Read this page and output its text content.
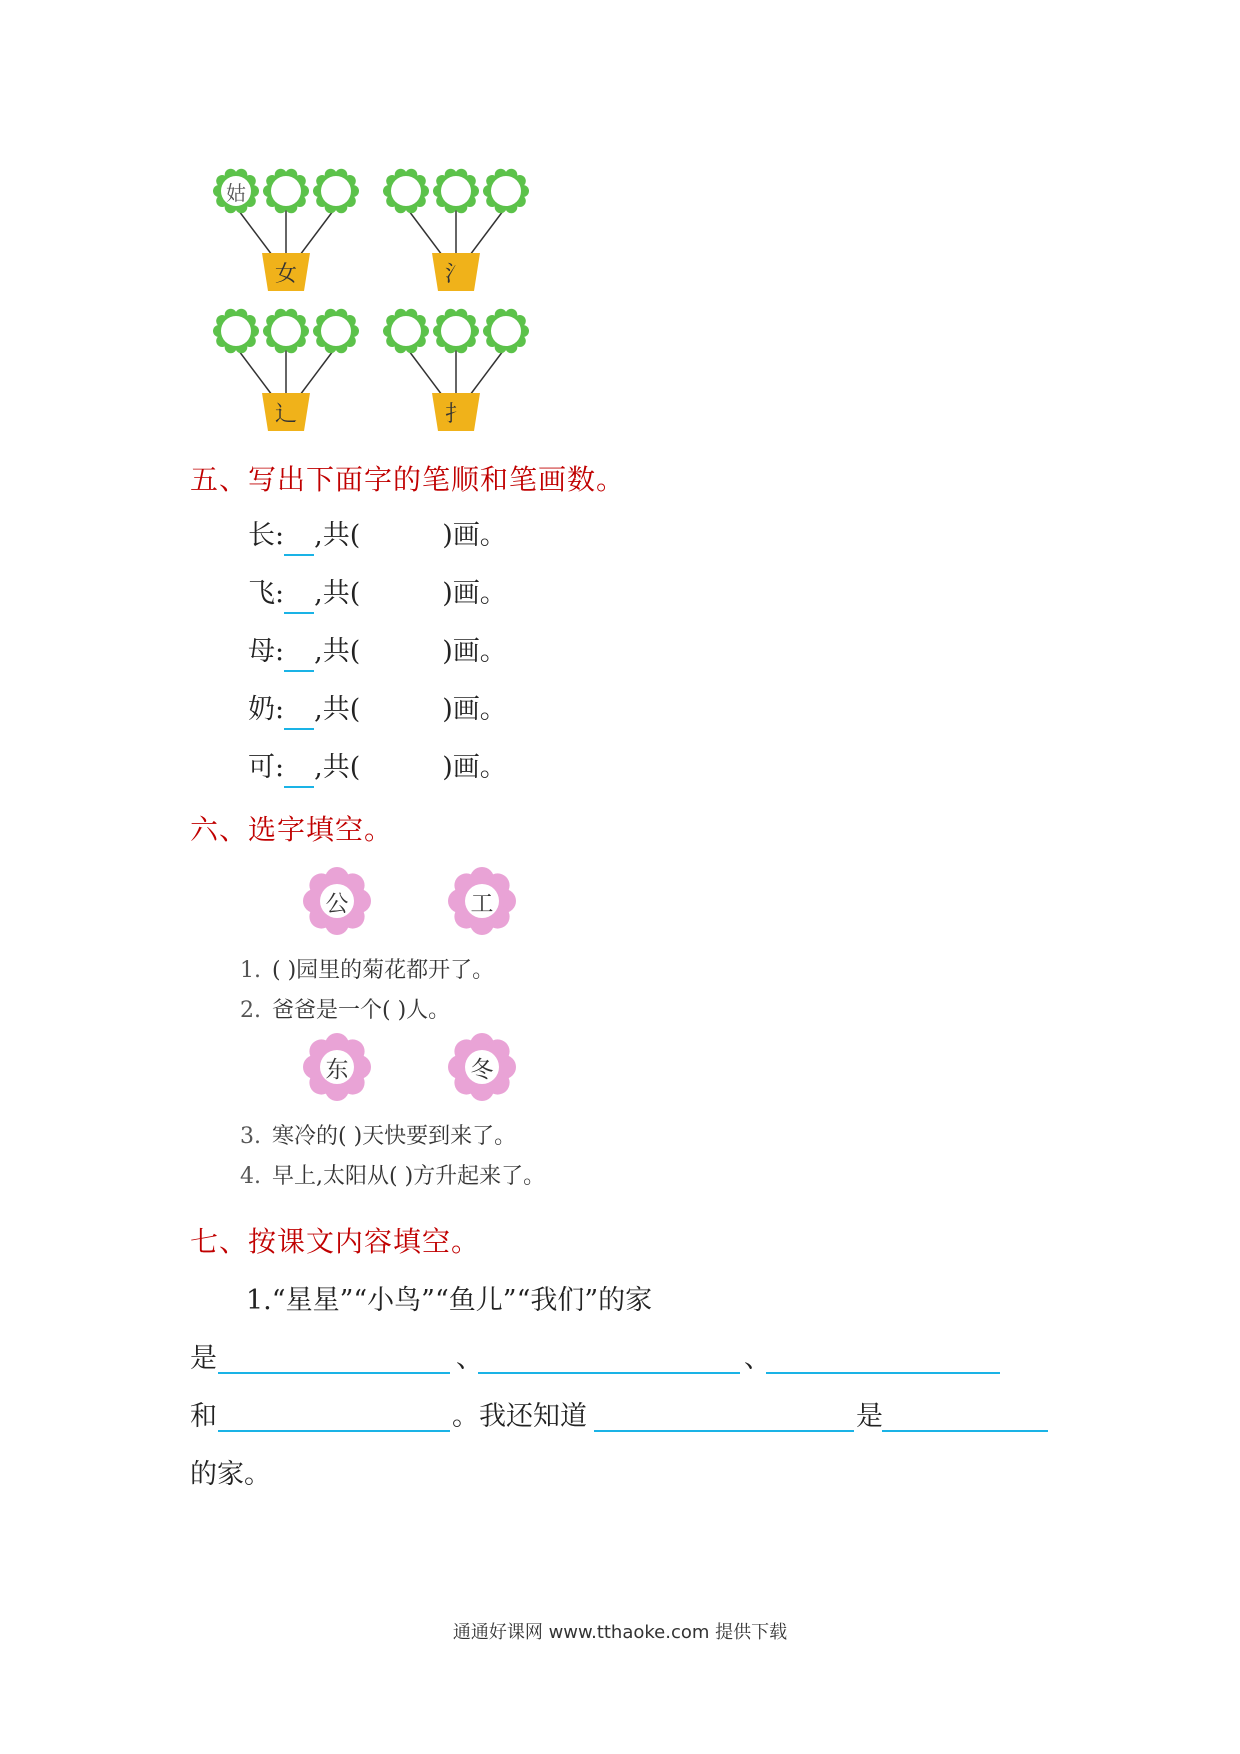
姑
女	氵
辶	扌
五、写出下面字的笔顺和笔画数。
长: ,共(	)画。
飞: ,共(	)画。
母: ,共(	)画。
奶: ,共(	)画。
可: ,共(	)画。
六、选字填空。
公	工
1. ( )园里的菊花都开了。
2. 爸爸是一个( )人。
东	冬
3. 寒冷的( )天快要到来了。
4. 早上,太阳从( )方升起来了。
七、按课文内容填空。
1.“星星”“小鸟”“鱼儿”“我们”的家
是	、	、
和	。我还知道	是
的家。
通通好课网 www.tthaoke.com 提供下载
